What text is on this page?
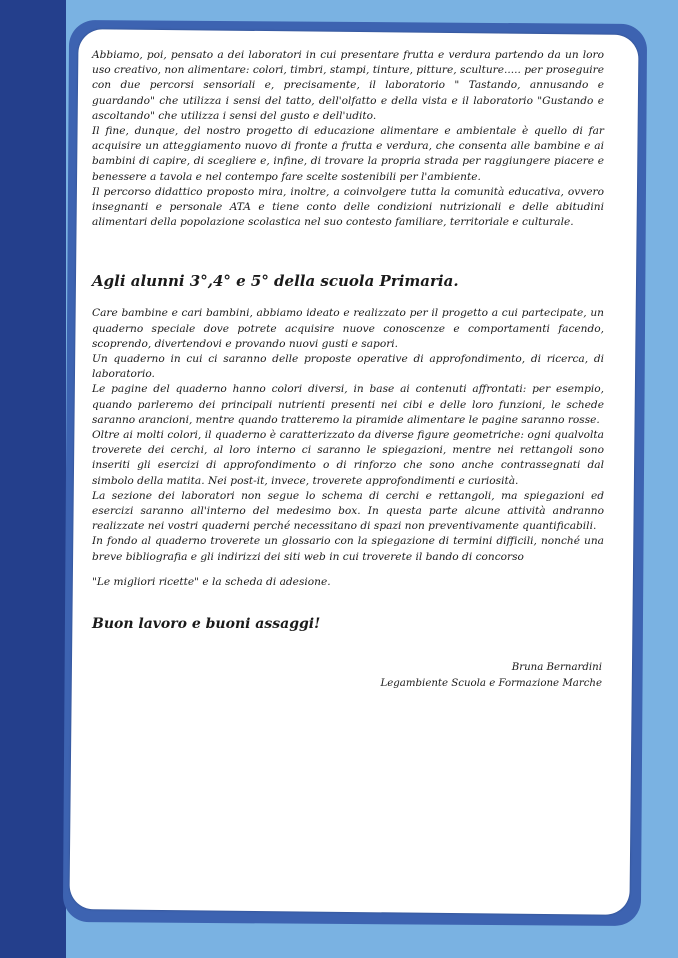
Abbiamo, poi, pensato a dei laboratori in cui presentare frutta e verdura partendo da un loro uso creativo, non alimentare: colori, timbri, stampi, tinture, pitture, sculture..... per proseguire con due percorsi sensoriali e, precisamente, il laboratorio " Tastando, annusando e guardando" che utilizza i sensi del tatto, dell'olfatto e della vista e il laboratorio "Gustando e ascoltando" che utilizza i sensi del gusto e dell'udito.

Il fine, dunque, del nostro progetto di educazione alimentare e ambientale è quello di far acquisire un atteggiamento nuovo di fronte a frutta e verdura, che consenta alle bambine e ai bambini di capire, di scegliere e, infine, di trovare la propria strada per raggiungere piacere e benessere a tavola e nel contempo fare scelte sostenibili per l'ambiente.

Il percorso didattico proposto mira, inoltre, a coinvolgere tutta la comunità educativa, ovvero insegnanti e personale ATA e tiene conto delle condizioni nutrizionali e delle abitudini alimentari della popolazione scolastica nel suo contesto familiare, territoriale e culturale.

Agli alunni 3°,4° e 5° della scuola Primaria.

Care bambine e cari bambini, abbiamo ideato e realizzato per il progetto a cui partecipate, un quaderno speciale dove potrete acquisire nuove conoscenze e comportamenti facendo, scoprendo, divertendovi e provando nuovi gusti e sapori.

Un quaderno in cui ci saranno delle proposte operative di approfondimento, di ricerca, di laboratorio.

Le pagine del quaderno hanno colori diversi, in base ai contenuti affrontati: per esempio, quando parleremo dei principali nutrienti presenti nei cibi e delle loro funzioni, le schede saranno arancioni, mentre quando tratteremo la piramide alimentare le pagine saranno rosse.

Oltre ai molti colori, il quaderno è caratterizzato da diverse figure geometriche: ogni qualvolta troverete dei cerchi, al loro interno ci saranno le spiegazioni, mentre nei rettangoli sono inseriti gli esercizi di approfondimento o di rinforzo che sono anche contrassegnati dal simbolo della matita. Nei post-it, invece, troverete approfondimenti e curiosità.

La sezione dei laboratori non segue lo schema di cerchi e rettangoli, ma spiegazioni ed esercizi saranno all'interno del medesimo box. In questa parte alcune attività andranno realizzate nei vostri quaderni perché necessitano di spazi non preventivamente quantificabili.

In fondo al quaderno troverete un glossario con la spiegazione di termini difficili, nonché una breve bibliografia e gli indirizzi dei siti web in cui troverete il bando di concorso

"Le migliori ricette" e la scheda di adesione.

Buon lavoro e buoni assaggi!
Bruna Bernardini
Legambiente Scuola e Formazione Marche
